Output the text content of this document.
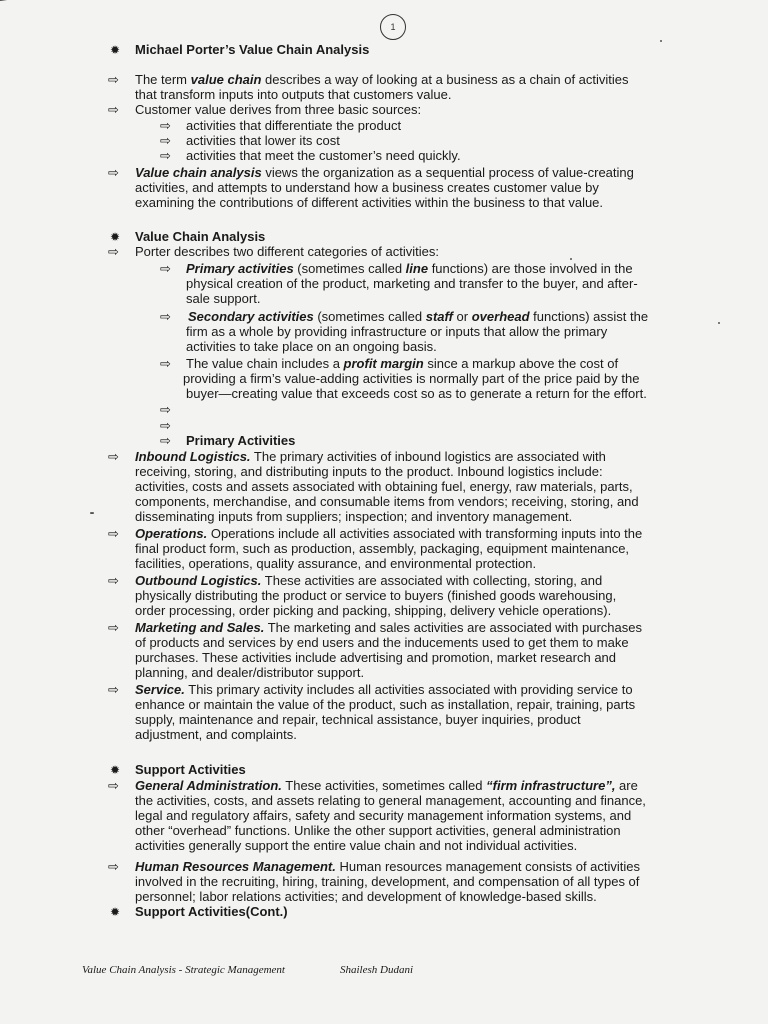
1
Michael Porter’s Value Chain Analysis
The term value chain describes a way of looking at a business as a chain of activities
that transform inputs into outputs that customers value.
Customer value derives from three basic sources:
activities that differentiate the product
activities that lower its cost
activities that meet the customer’s need quickly.
Value chain analysis views the organization as a sequential process of value-creating
activities, and attempts to understand how a business creates customer value by
examining the contributions of different activities within the business to that value.
Value Chain Analysis
Porter describes two different categories of activities:
Primary activities (sometimes called line functions) are those involved in the
physical creation of the product, marketing and transfer to the buyer, and after-
sale support.
Secondary activities (sometimes called staff or overhead functions) assist the
firm as a whole by providing infrastructure or inputs that allow the primary
activities to take place on an ongoing basis.
The value chain includes a profit margin since a markup above the cost of
providing a firm’s value-adding activities is normally part of the price paid by the
buyer—creating value that exceeds cost so as to generate a return for the effort.
Primary Activities
Inbound Logistics. The primary activities of inbound logistics are associated with
receiving, storing, and distributing inputs to the product. Inbound logistics include:
activities, costs and assets associated with obtaining fuel, energy, raw materials, parts,
components, merchandise, and consumable items from vendors; receiving, storing, and
disseminating inputs from suppliers; inspection; and inventory management.
Operations. Operations include all activities associated with transforming inputs into the
final product form, such as production, assembly, packaging, equipment maintenance,
facilities, operations, quality assurance, and environmental protection.
Outbound Logistics. These activities are associated with collecting, storing, and
physically distributing the product or service to buyers (finished goods warehousing,
order processing, order picking and packing, shipping, delivery vehicle operations).
Marketing and Sales. The marketing and sales activities are associated with purchases
of products and services by end users and the inducements used to get them to make
purchases. These activities include advertising and promotion, market research and
planning, and dealer/distributor support.
Service. This primary activity includes all activities associated with providing service to
enhance or maintain the value of the product, such as installation, repair, training, parts
supply, maintenance and repair, technical assistance, buyer inquiries, product
adjustment, and complaints.
Support Activities
General Administration. These activities, sometimes called “firm infrastructure”, are
the activities, costs, and assets relating to general management, accounting and finance,
legal and regulatory affairs, safety and security management information systems, and
other “overhead” functions. Unlike the other support activities, general administration
activities generally support the entire value chain and not individual activities.
Human Resources Management. Human resources management consists of activities
involved in the recruiting, hiring, training, development, and compensation of all types of
personnel; labor relations activities; and development of knowledge-based skills.
Support Activities(Cont.)
✹
⇨
⇨
⇨
⇨
⇨
⇨
✹
⇨
⇨
⇨
⇨
⇨
⇨
⇨
⇨
⇨
⇨
✹
⇨
⇨
✹
⇨
⇨
Value Chain Analysis - Strategic Management	Shailesh Dudani
